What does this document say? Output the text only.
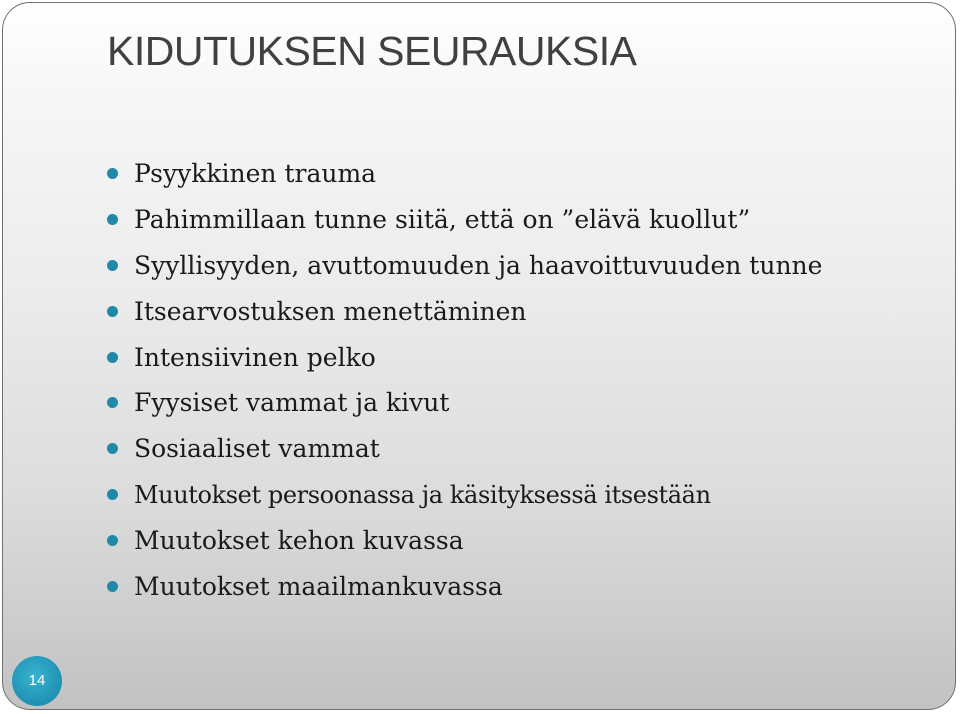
KIDUTUKSEN SEURAUKSIA
Psyykkinen trauma
Pahimmillaan tunne siitä, että on ”elävä kuollut”
Syyllisyyden, avuttomuuden ja haavoittuvuuden tunne
Itsearvostuksen menettäminen
Intensiivinen pelko
Fyysiset vammat ja kivut
Sosiaaliset vammat
Muutokset persoonassa ja käsityksessä itsestään
Muutokset kehon kuvassa
Muutokset maailmankuvassa
14
